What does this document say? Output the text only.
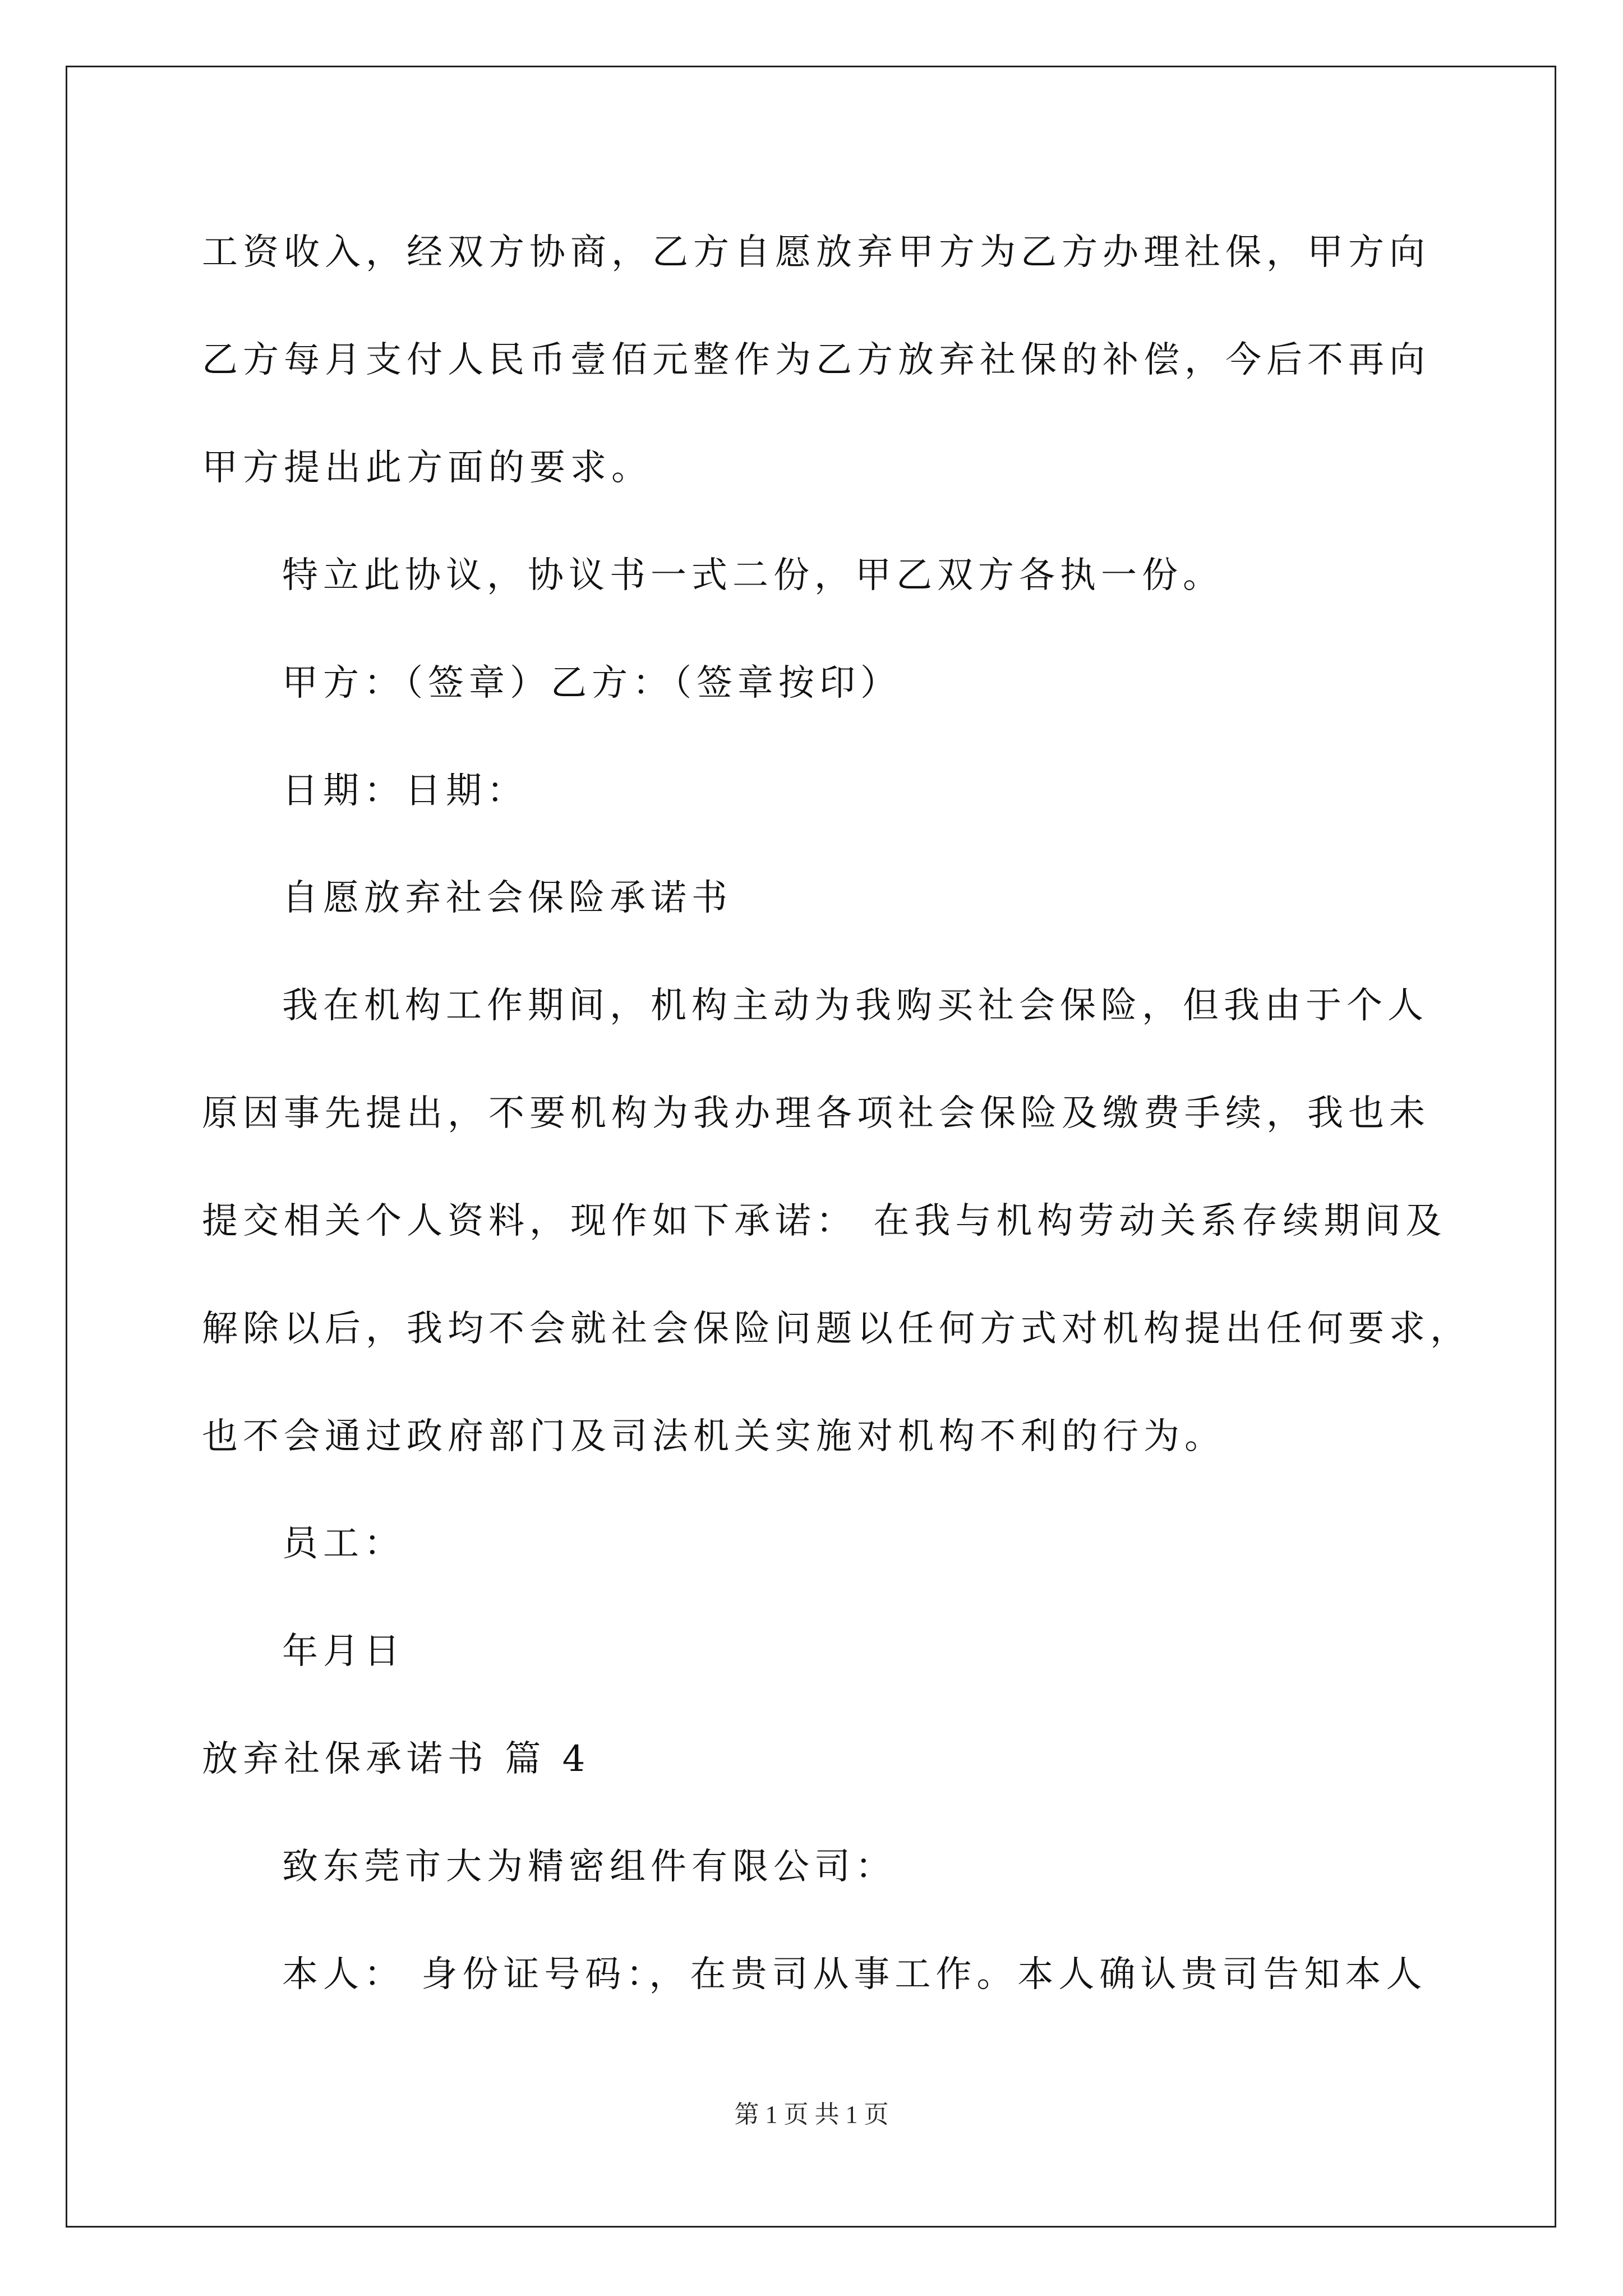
工资收入，经双方协商，乙方自愿放弃甲方为乙方办理社保，甲方向
乙方每月支付人民币壹佰元整作为乙方放弃社保的补偿，今后不再向
甲方提出此方面的要求。
特立此协议，协议书一式二份，甲乙双方各执一份。
甲方：（签章）乙方：（签章按印）
日期：日期：
自愿放弃社会保险承诺书
我在机构工作期间，机构主动为我购买社会保险，但我由于个人
原因事先提出，不要机构为我办理各项社会保险及缴费手续，我也未
提交相关个人资料，现作如下承诺： 在我与机构劳动关系存续期间及
解除以后，我均不会就社会保险问题以任何方式对机构提出任何要求，
也不会通过政府部门及司法机关实施对机构不利的行为。
员工：
年月日
放弃社保承诺书 篇 4
致东莞市大为精密组件有限公司：
本人： 身份证号码：，在贵司从事工作。本人确认贵司告知本人
第 1 页 共 1 页
